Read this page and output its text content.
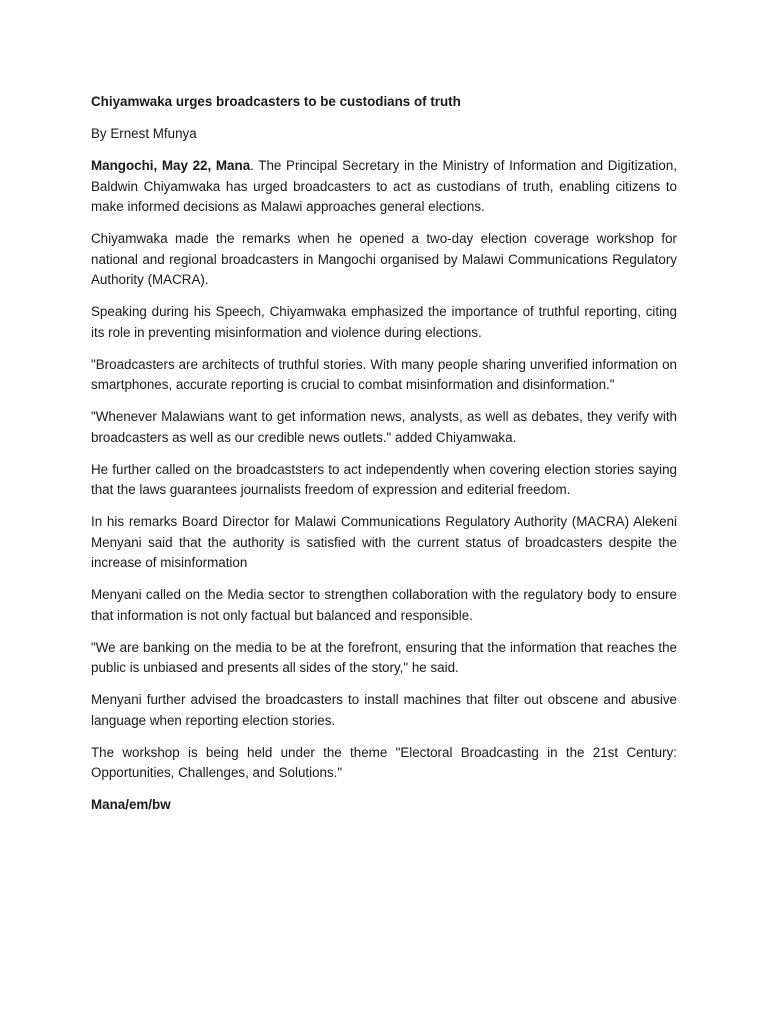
Chiyamwaka urges broadcasters to be custodians of truth

By Ernest Mfunya

Mangochi, May 22, Mana. The Principal Secretary in the Ministry of Information and Digitization, Baldwin Chiyamwaka has urged broadcasters to act as custodians of truth, enabling citizens to make informed decisions as Malawi approaches general elections.

Chiyamwaka made the remarks when he opened a two-day election coverage workshop for national and regional broadcasters in Mangochi organised by Malawi Communications Regulatory Authority (MACRA).

Speaking during his Speech, Chiyamwaka emphasized the importance of truthful reporting, citing its role in preventing misinformation and violence during elections.

"Broadcasters are architects of truthful stories. With many people sharing unverified information on smartphones, accurate reporting is crucial to combat misinformation and disinformation."

"Whenever Malawians want to get information news, analysts, as well as debates, they verify with broadcasters as well as our credible news outlets." added Chiyamwaka.

He further called on the broadcaststers to act independently when covering election stories saying that the laws guarantees journalists freedom of expression and editerial freedom.

In his remarks Board Director for Malawi Communications Regulatory Authority (MACRA) Alekeni Menyani said that the authority is satisfied with the current status of broadcasters despite the increase of misinformation

Menyani called on the Media sector to strengthen collaboration with the regulatory body to ensure that information is not only factual but balanced and responsible.

"We are banking on the media to be at the forefront, ensuring that the information that reaches the public is unbiased and presents all sides of the story," he said.

Menyani further advised the broadcasters to install machines that filter out obscene and abusive language when reporting election stories.

The workshop is being held under the theme "Electoral Broadcasting in the 21st Century: Opportunities, Challenges, and Solutions."

Mana/em/bw
